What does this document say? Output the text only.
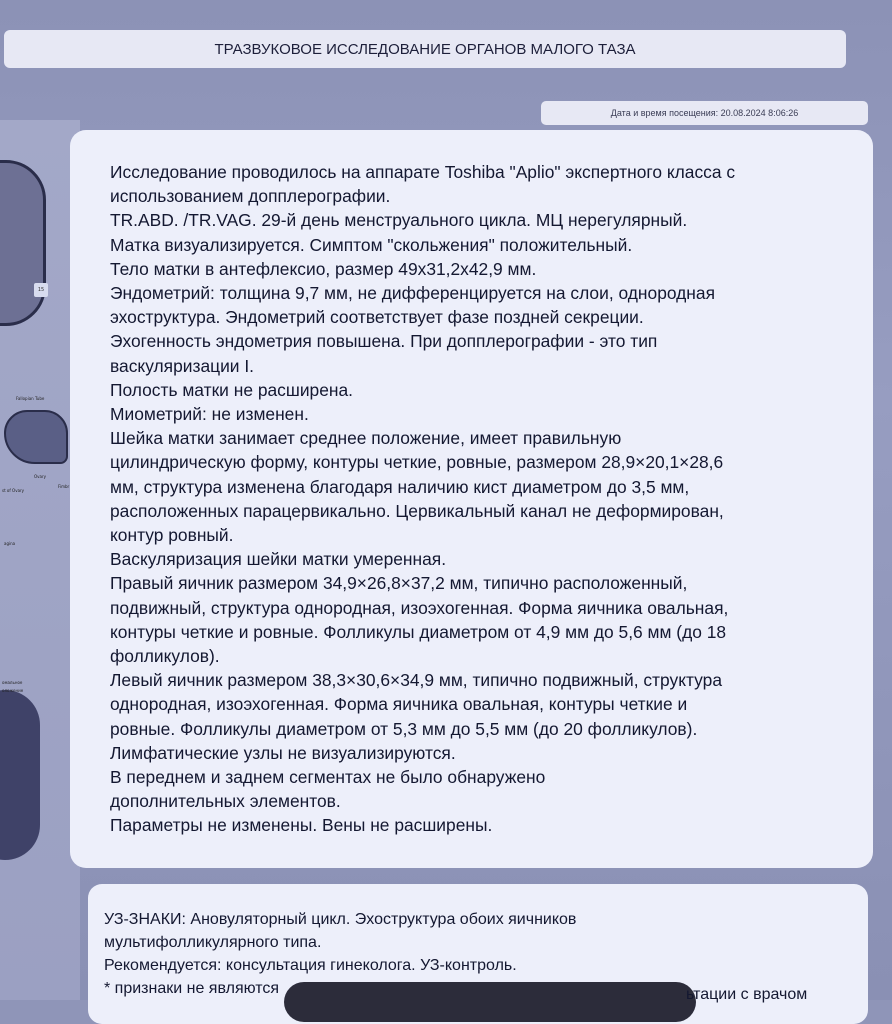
15
Fallopian Tube
Ovary
Fimbr
st of Ovary
agina
омальное
оложение
ТРАЗВУКОВОЕ ИССЛЕДОВАНИЕ ОРГАНОВ МАЛОГО ТАЗА
Дата и время посещения: 20.08.2024 8:06:26
Исследование проводилось на аппарате Toshiba "Aplio" экспертного класса с
использованием допплерографии.
TR.ABD. /TR.VAG. 29-й день менструального цикла. МЦ нерегулярный.
Матка визуализируется. Симптом "скольжения" положительный.
Тело матки в антефлексио, размер 49х31,2х42,9 мм.
Эндометрий: толщина 9,7 мм, не дифференцируется на слои, однородная
эхоструктура. Эндометрий соответствует фазе поздней секреции.
Эхогенность эндометрия повышена. При допплерографии - это тип
васкуляризации I.
Полость матки не расширена.
Миометрий: не изменен.
Шейка матки занимает среднее положение, имеет правильную
цилиндрическую форму, контуры четкие, ровные, размером 28,9×20,1×28,6
мм, структура изменена благодаря наличию кист диаметром до 3,5 мм,
расположенных парацервикально. Цервикальный канал не деформирован,
контур ровный.
Васкуляризация шейки матки умеренная.
Правый яичник размером 34,9×26,8×37,2 мм, типично расположенный,
подвижный, структура однородная, изоэхогенная. Форма яичника овальная,
контуры четкие и ровные. Фолликулы диаметром от 4,9 мм до 5,6 мм (до 18
фолликулов).
Левый яичник размером 38,3×30,6×34,9 мм, типично подвижный, структура
однородная, изоэхогенная. Форма яичника овальная, контуры четкие и
ровные. Фолликулы диаметром от 5,3 мм до 5,5 мм (до 20 фолликулов).
Лимфатические узлы не визуализируются.
В переднем и заднем сегментах не было обнаружено
дополнительных элементов.
Параметры не изменены. Вены не расширены.
УЗ-ЗНАКИ: Ановуляторный цикл. Эхоструктура обоих яичников
мультифолликулярного типа.
Рекомендуется: консультация гинеколога. УЗ-контроль.
* признаки не являются	ьтации с врачом
